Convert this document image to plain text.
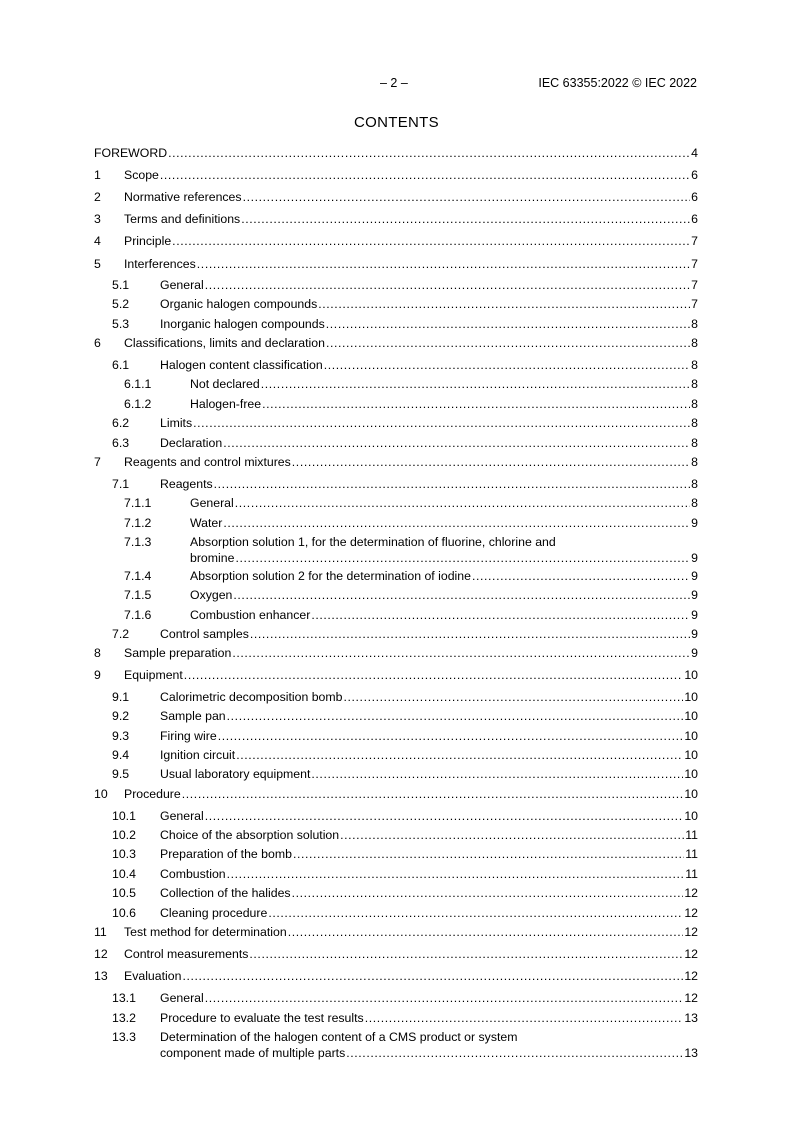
– 2 –	IEC 63355:2022 © IEC 2022
CONTENTS
FOREWORD .....	4
1 Scope .....	6
2 Normative references .....	6
3 Terms and definitions .....	6
4 Principle .....	7
5 Interferences .....	7
5.1	General .....	7
5.2	Organic halogen compounds .....	7
5.3	Inorganic halogen compounds .....	8
6 Classifications, limits and declaration .....	8
6.1	Halogen content classification .....	8
6.1.1	Not declared .....	8
6.1.2	Halogen-free .....	8
6.2	Limits .....	8
6.3	Declaration .....	8
7 Reagents and control mixtures .....	8
7.1	Reagents .....	8
7.1.1	General .....	8
7.1.2	Water .....	9
7.1.3	Absorption solution 1, for the determination of fluorine, chlorine and
bromine .....	9
7.1.4	Absorption solution 2 for the determination of iodine .....	9
7.1.5	Oxygen .....	9
7.1.6	Combustion enhancer .....	9
7.2	Control samples .....	9
8 Sample preparation .....	9
9 Equipment .....	10
9.1	Calorimetric decomposition bomb .....	10
9.2	Sample pan .....	10
9.3	Firing wire .....	10
9.4	Ignition circuit .....	10
9.5	Usual laboratory equipment .....	10
10 Procedure .....	10
10.1 General .....	10
10.2 Choice of the absorption solution .....	11
10.3 Preparation of the bomb .....	11
10.4 Combustion .....	11
10.5 Collection of the halides .....	12
10.6 Cleaning procedure .....	12
11 Test method for determination .....	12
12 Control measurements .....	12
13 Evaluation .....	12
13.1 General .....	12
13.2 Procedure to evaluate the test results .....	13
13.3 Determination of the halogen content of a CMS product or system
component made of multiple parts .....	13
